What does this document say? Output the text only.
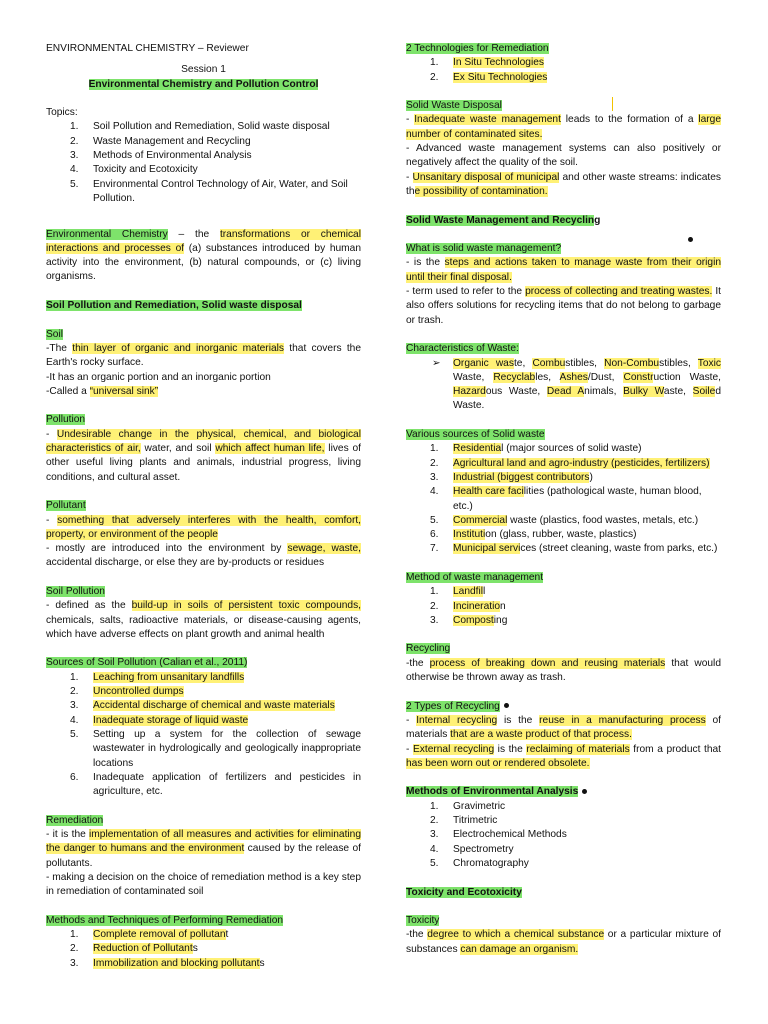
ENVIRONMENTAL CHEMISTRY – Reviewer

Session 1

Environmental Chemistry and Pollution Control

Topics:

1.	Soil Pollution and Remediation, Solid waste disposal
2.	Waste Management and Recycling
3.	Methods of Environmental Analysis
4.	Toxicity and Ecotoxicity
5.	Environmental Control Technology of Air, Water, and Soil Pollution.

Environmental Chemistry – the transformations or chemical interactions and processes of (a) substances introduced by human activity into the environment, (b) natural compounds, or (c) living organisms.

Soil Pollution and Remediation, Solid waste disposal

Soil

-The thin layer of organic and inorganic materials that covers the Earth's rocky surface.

-It has an organic portion and an inorganic portion

-Called a “universal sink”

Pollution

- Undesirable change in the physical, chemical, and biological characteristics of air, water, and soil which affect human life, lives of other useful living plants and animals, industrial progress, living conditions, and cultural asset.

Pollutant

- something that adversely interferes with the health, comfort, property, or environment of the people

- mostly are introduced into the environment by sewage, waste, accidental discharge, or else they are by-products or residues

Soil Pollution

- defined as the build-up in soils of persistent toxic compounds, chemicals, salts, radioactive materials, or disease-causing agents, which have adverse effects on plant growth and animal health

Sources of Soil Pollution (Calian et al., 2011)

1.	Leaching from unsanitary landfills
2.	Uncontrolled dumps
3.	Accidental discharge of chemical and waste materials
4.	Inadequate storage of liquid waste
5.	Setting up a system for the collection of sewage wastewater in hydrologically and geologically inappropriate locations
6.	Inadequate application of fertilizers and pesticides in agriculture, etc.

Remediation

- it is the implementation of all measures and activities for eliminating the danger to humans and the environment caused by the release of pollutants.

- making a decision on the choice of remediation method is a key step in remediation of contaminated soil

Methods and Techniques of Performing Remediation

1.	Complete removal of pollutant
2.	Reduction of Pollutants
3.	Immobilization and blocking pollutants

2 Technologies for Remediation

1.	In Situ Technologies
2.	Ex Situ Technologies

Solid Waste Disposal

- Inadequate waste management leads to the formation of a large number of contaminated sites.

- Advanced waste management systems can also positively or negatively affect the quality of the soil.

- Unsanitary disposal of municipal and other waste streams: indicates the possibility of contamination.

Solid Waste Management and Recycling

What is solid waste management?

- is the steps and actions taken to manage waste from their origin until their final disposal.

- term used to refer to the process of collecting and treating wastes. It also offers solutions for recycling items that do not belong to garbage or trash.

Characteristics of Waste:

➢ Organic waste, Combustibles, Non-Combustibles, Toxic Waste, Recyclables, Ashes/Dust, Construction Waste, Hazardous Waste, Dead Animals, Bulky Waste, Soiled Waste.

Various sources of Solid waste

1.	Residential (major sources of solid waste)
2.	Agricultural land and agro-industry (pesticides, fertilizers)
3.	Industrial (biggest contributors)
4.	Health care facilities (pathological waste, human blood, etc.)
5.	Commercial waste (plastics, food wastes, metals, etc.)
6.	Institution (glass, rubber, waste, plastics)
7.	Municipal services (street cleaning, waste from parks, etc.)

Method of waste management

1.	Landfill
2.	Incineration
3.	Composting

Recycling

-the process of breaking down and reusing materials that would otherwise be thrown away as trash.

2 Types of Recycling

- Internal recycling is the reuse in a manufacturing process of materials that are a waste product of that process.

- External recycling is the reclaiming of materials from a product that has been worn out or rendered obsolete.

Methods of Environmental Analysis

1.	Gravimetric
2.	Titrimetric
3.	Electrochemical Methods
4.	Spectrometry
5.	Chromatography

Toxicity and Ecotoxicity

Toxicity

-the degree to which a chemical substance or a particular mixture of substances can damage an organism.
